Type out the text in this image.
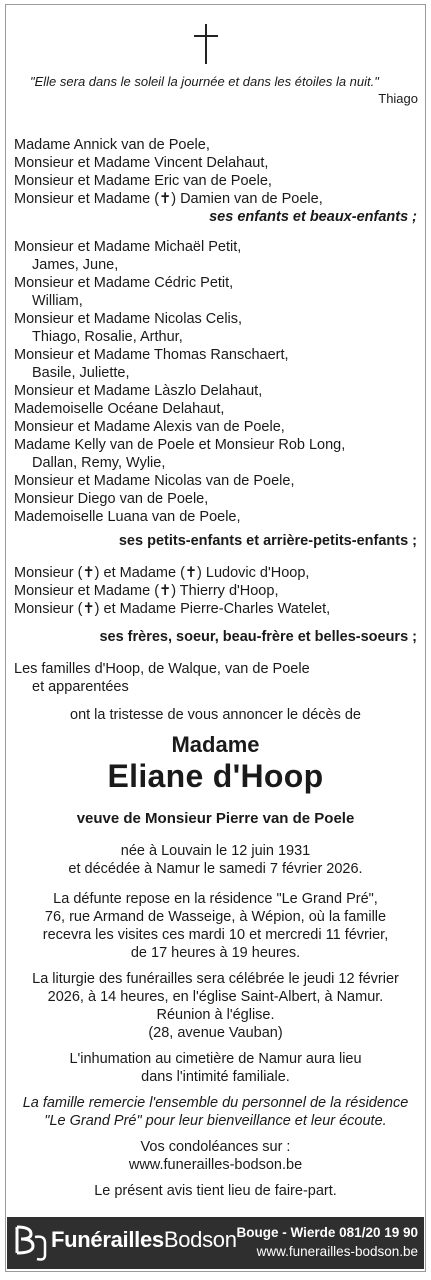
"Elle sera dans le soleil la journée et dans les étoiles la nuit."
Thiago
Madame Annick van de Poele,
Monsieur et Madame Vincent Delahaut,
Monsieur et Madame Eric van de Poele,
Monsieur et Madame (✝) Damien van de Poele,
ses enfants et beaux-enfants ;
Monsieur et Madame Michaël Petit,
James, June,
Monsieur et Madame Cédric Petit,
William,
Monsieur et Madame Nicolas Celis,
Thiago, Rosalie, Arthur,
Monsieur et Madame Thomas Ranschaert,
Basile, Juliette,
Monsieur et Madame Làszlo Delahaut,
Mademoiselle Océane Delahaut,
Monsieur et Madame Alexis van de Poele,
Madame Kelly van de Poele et Monsieur Rob Long,
Dallan, Remy, Wylie,
Monsieur et Madame Nicolas van de Poele,
Monsieur Diego van de Poele,
Mademoiselle Luana van de Poele,
ses petits-enfants et arrière-petits-enfants ;
Monsieur (✝) et Madame (✝) Ludovic d'Hoop,
Monsieur et Madame (✝) Thierry d'Hoop,
Monsieur (✝) et Madame Pierre-Charles Watelet,
ses frères, soeur, beau-frère et belles-soeurs ;
Les familles d'Hoop, de Walque, van de Poele
et apparentées
ont la tristesse de vous annoncer le décès de
Madame
Eliane d'Hoop
veuve de Monsieur Pierre van de Poele
née à Louvain le 12 juin 1931
et décédée à Namur le samedi 7 février 2026.
La défunte repose en la résidence "Le Grand Pré",
76, rue Armand de Wasseige, à Wépion, où la famille
recevra les visites ces mardi 10 et mercredi 11 février,
de 17 heures à 19 heures.
La liturgie des funérailles sera célébrée le jeudi 12 février
2026, à 14 heures, en l'église Saint-Albert, à Namur.
Réunion à l'église.
(28, avenue Vauban)
L'inhumation au cimetière de Namur aura lieu
dans l'intimité familiale.
La famille remercie l'ensemble du personnel de la résidence
"Le Grand Pré" pour leur bienveillance et leur écoute.
Vos condoléances sur :
www.funerailles-bodson.be
Le présent avis tient lieu de faire-part.
FunéraillesBodson Bouge - Wierde 081/20 19 90
www.funerailles-bodson.be
